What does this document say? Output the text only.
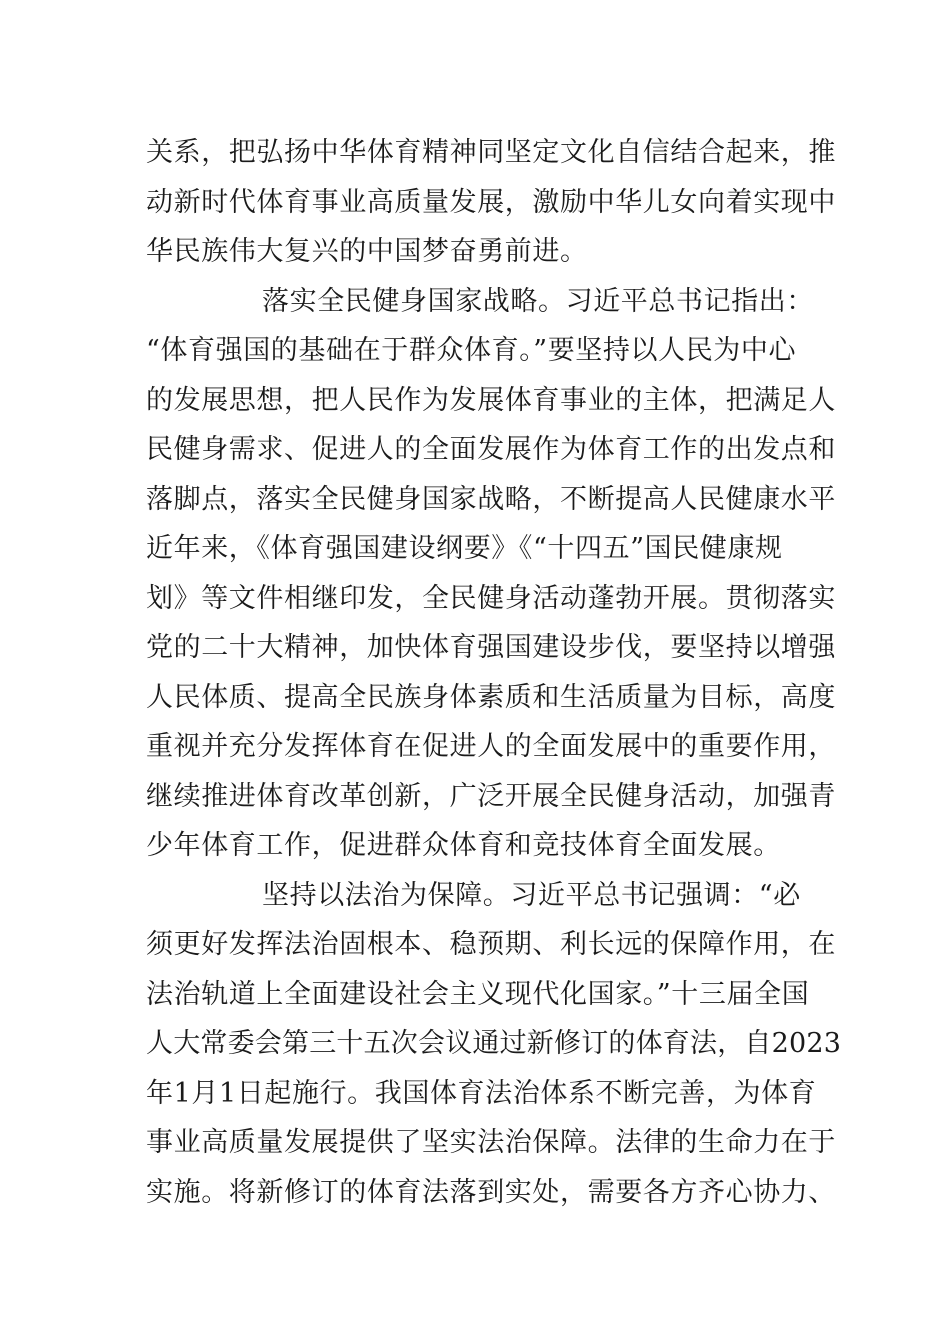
关系，把弘扬中华体育精神同坚定文化自信结合起来，推
动新时代体育事业高质量发展，激励中华儿女向着实现中
华民族伟大复兴的中国梦奋勇前进。
落实全民健身国家战略。习近平总书记指出：
“体育强国的基础在于群众体育。”要坚持以人民为中心
的发展思想，把人民作为发展体育事业的主体，把满足人
民健身需求、促进人的全面发展作为体育工作的出发点和
落脚点，落实全民健身国家战略，不断提高人民健康水平
近年来，《体育强国建设纲要》《“十四五”国民健康规
划》等文件相继印发，全民健身活动蓬勃开展。贯彻落实
党的二十大精神，加快体育强国建设步伐，要坚持以增强
人民体质、提高全民族身体素质和生活质量为目标，高度
重视并充分发挥体育在促进人的全面发展中的重要作用，
继续推进体育改革创新，广泛开展全民健身活动，加强青
少年体育工作，促进群众体育和竞技体育全面发展。
坚持以法治为保障。习近平总书记强调：“必
须更好发挥法治固根本、稳预期、利长远的保障作用，在
法治轨道上全面建设社会主义现代化国家。”十三届全国
人大常委会第三十五次会议通过新修订的体育法，自2023
年1月1日起施行。我国体育法治体系不断完善，为体育
事业高质量发展提供了坚实法治保障。法律的生命力在于
实施。将新修订的体育法落到实处，需要各方齐心协力、
